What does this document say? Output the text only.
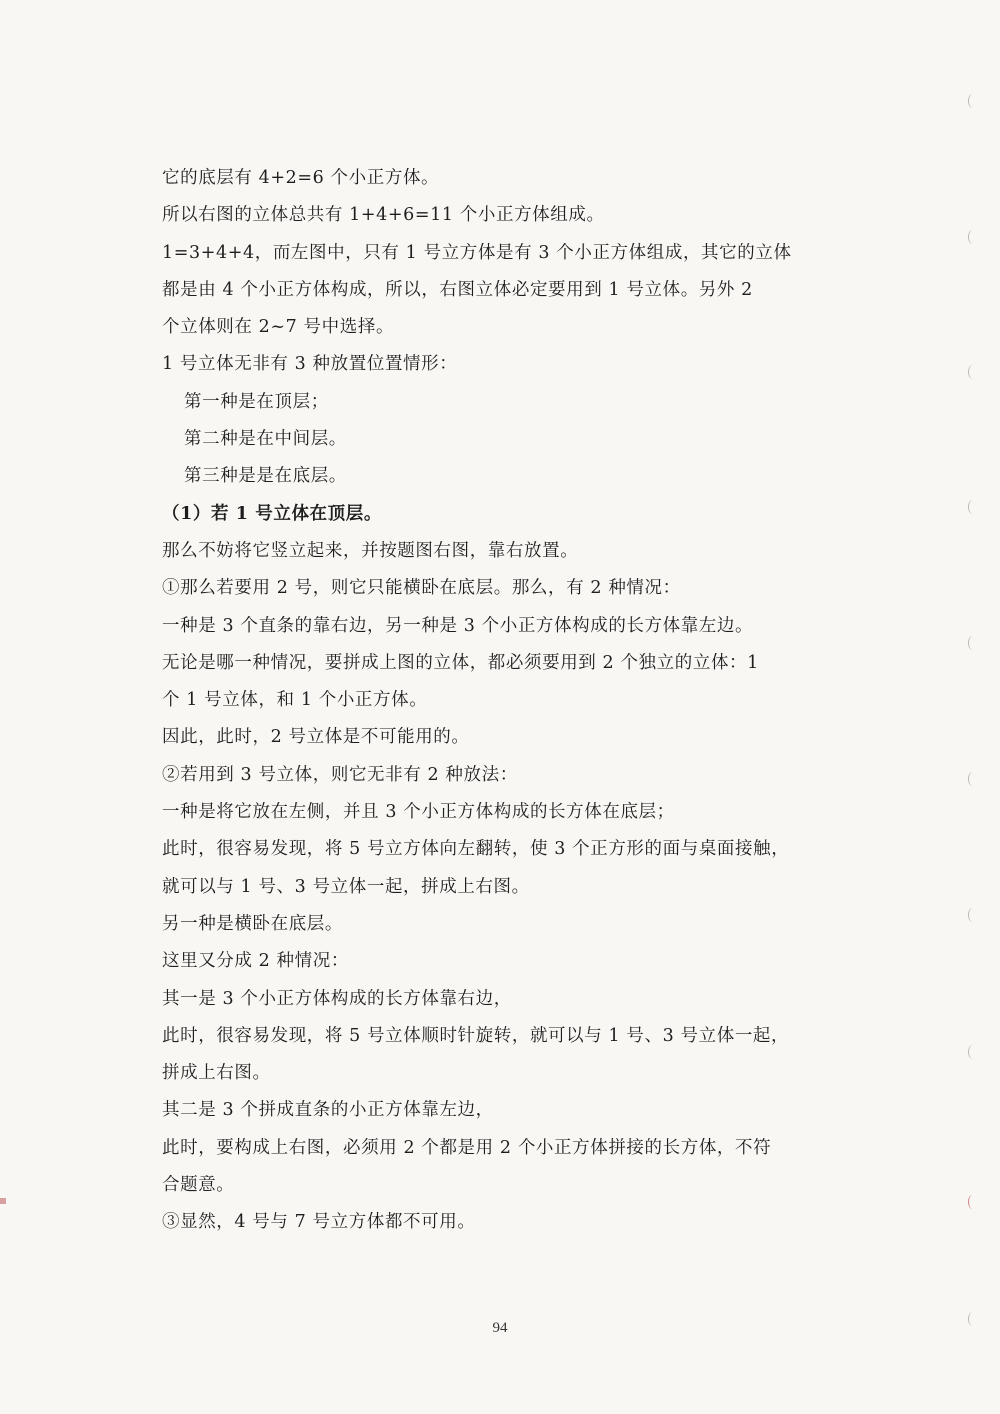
它的底层有 4+2=6 个小正方体。
所以右图的立体总共有 1+4+6=11 个小正方体组成。
1=3+4+4，而左图中，只有 1 号立方体是有 3 个小正方体组成，其它的立体
都是由 4 个小正方体构成，所以，右图立体必定要用到 1 号立体。另外 2
个立体则在 2~7 号中选择。
1 号立体无非有 3 种放置位置情形：
第一种是在顶层；
第二种是在中间层。
第三种是是在底层。
（1）若 1 号立体在顶层。
那么不妨将它竖立起来，并按题图右图，靠右放置。
①那么若要用 2 号，则它只能横卧在底层。那么，有 2 种情况：
一种是 3 个直条的靠右边，另一种是 3 个小正方体构成的长方体靠左边。
无论是哪一种情况，要拼成上图的立体，都必须要用到 2 个独立的立体：1
个 1 号立体，和 1 个小正方体。
因此，此时，2 号立体是不可能用的。
②若用到 3 号立体，则它无非有 2 种放法：
一种是将它放在左侧，并且 3 个小正方体构成的长方体在底层；
此时，很容易发现，将 5 号立方体向左翻转，使 3 个正方形的面与桌面接触，
就可以与 1 号、3 号立体一起，拼成上右图。
另一种是横卧在底层。
这里又分成 2 种情况：
其一是 3 个小正方体构成的长方体靠右边，
此时，很容易发现，将 5 号立体顺时针旋转，就可以与 1 号、3 号立体一起，
拼成上右图。
其二是 3 个拼成直条的小正方体靠左边，
此时，要构成上右图，必须用 2 个都是用 2 个小正方体拼接的长方体，不符
合题意。
③显然，4 号与 7 号立方体都不可用。
94
